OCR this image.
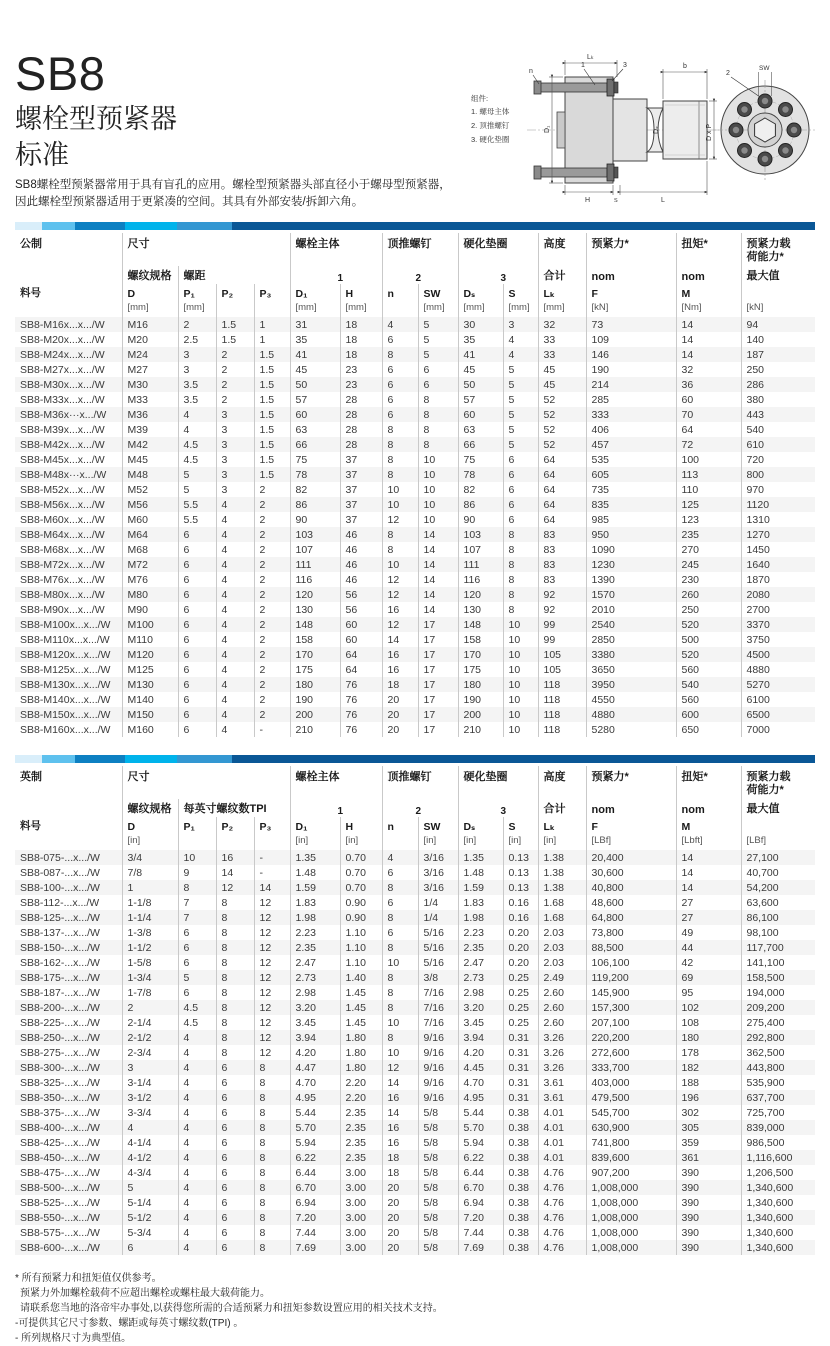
SB8
螺栓型预紧器
标准
SB8螺栓型预紧器常用于具有盲孔的应用。螺栓型预紧器头部直径小于螺母型预紧器，
因此螺栓型预紧器适用于更紧凑的空间。其具有外部安装/拆卸六角。
Lₖ
b
n
1	3
D₁	D₂	D x P
H	S	L
SW
2
组件:
1. 螺母主体
2. 顶推螺钉
3. 硬化垫圈
公制	尺寸				螺栓主体		顶推螺钉		硬化垫圈		高度	预紧力*	扭矩*	预紧力载荷能力*
	螺纹规格	螺距			1		2		3		合计	nom	nom	最大值
料号	D	P₁	P₂	P₃	D₁	H	n	SW	Dₛ	S	Lₖ	F	M	
	[mm]	[mm]			[mm]	[mm]		[mm]	[mm]	[mm]	[mm]	[kN]	[Nm]	[kN]
SB8-M16x...x.../W	M16	2	1.5	1	31	18	4	5	30	3	32	73	14	94
SB8-M20x...x.../W	M20	2.5	1.5	1	35	18	6	5	35	4	33	109	14	140
SB8-M24x...x.../W	M24	3	2	1.5	41	18	8	5	41	4	33	146	14	187
SB8-M27x...x.../W	M27	3	2	1.5	45	23	6	6	45	5	45	190	32	250
SB8-M30x...x.../W	M30	3.5	2	1.5	50	23	6	6	50	5	45	214	36	286
SB8-M33x...x.../W	M33	3.5	2	1.5	57	28	6	8	57	5	52	285	60	380
SB8-M36x···x.../W	M36	4	3	1.5	60	28	6	8	60	5	52	333	70	443
SB8-M39x...x.../W	M39	4	3	1.5	63	28	8	8	63	5	52	406	64	540
SB8-M42x...x.../W	M42	4.5	3	1.5	66	28	8	8	66	5	52	457	72	610
SB8-M45x...x.../W	M45	4.5	3	1.5	75	37	8	10	75	6	64	535	100	720
SB8-M48x···x.../W	M48	5	3	1.5	78	37	8	10	78	6	64	605	113	800
SB8-M52x...x.../W	M52	5	3	2	82	37	10	10	82	6	64	735	110	970
SB8-M56x...x.../W	M56	5.5	4	2	86	37	10	10	86	6	64	835	125	1120
SB8-M60x...x.../W	M60	5.5	4	2	90	37	12	10	90	6	64	985	123	1310
SB8-M64x...x.../W	M64	6	4	2	103	46	8	14	103	8	83	950	235	1270
SB8-M68x...x.../W	M68	6	4	2	107	46	8	14	107	8	83	1090	270	1450
SB8-M72x...x.../W	M72	6	4	2	111	46	10	14	111	8	83	1230	245	1640
SB8-M76x...x.../W	M76	6	4	2	116	46	12	14	116	8	83	1390	230	1870
SB8-M80x...x.../W	M80	6	4	2	120	56	12	14	120	8	92	1570	260	2080
SB8-M90x...x.../W	M90	6	4	2	130	56	16	14	130	8	92	2010	250	2700
SB8-M100x...x.../W	M100	6	4	2	148	60	12	17	148	10	99	2540	520	3370
SB8-M110x...x.../W	M110	6	4	2	158	60	14	17	158	10	99	2850	500	3750
SB8-M120x...x.../W	M120	6	4	2	170	64	16	17	170	10	105	3380	520	4500
SB8-M125x...x.../W	M125	6	4	2	175	64	16	17	175	10	105	3650	560	4880
SB8-M130x...x.../W	M130	6	4	2	180	76	18	17	180	10	118	3950	540	5270
SB8-M140x...x.../W	M140	6	4	2	190	76	20	17	190	10	118	4550	560	6100
SB8-M150x...x.../W	M150	6	4	2	200	76	20	17	200	10	118	4880	600	6500
SB8-M160x...x.../W	M160	6	4	-	210	76	20	17	210	10	118	5280	650	7000
英制	尺寸				螺栓主体		顶推螺钉		硬化垫圈		高度	预紧力*	扭矩*	预紧力载荷能力*
	螺纹规格	每英寸螺纹数TPI			1		2		3		合计	nom	nom	最大值
料号	D	P₁	P₂	P₃	D₁	H	n	SW	Dₛ	S	Lₖ	F	M	
	[in]				[in]	[in]		[in]	[in]	[in]	[in]	[LBf]	[Lbft]	[LBf]
SB8-075-...x.../W	3/4	10	16	-	1.35	0.70	4	3/16	1.35	0.13	1.38	20,400	14	27,100
SB8-087-...x.../W	7/8	9	14	-	1.48	0.70	6	3/16	1.48	0.13	1.38	30,600	14	40,700
SB8-100-...x.../W	1	8	12	14	1.59	0.70	8	3/16	1.59	0.13	1.38	40,800	14	54,200
SB8-112-...x.../W	1-1/8	7	8	12	1.83	0.90	6	1/4	1.83	0.16	1.68	48,600	27	63,600
SB8-125-...x.../W	1-1/4	7	8	12	1.98	0.90	8	1/4	1.98	0.16	1.68	64,800	27	86,100
SB8-137-...x.../W	1-3/8	6	8	12	2.23	1.10	6	5/16	2.23	0.20	2.03	73,800	49	98,100
SB8-150-...x.../W	1-1/2	6	8	12	2.35	1.10	8	5/16	2.35	0.20	2.03	88,500	44	117,700
SB8-162-...x.../W	1-5/8	6	8	12	2.47	1.10	10	5/16	2.47	0.20	2.03	106,100	42	141,100
SB8-175-...x.../W	1-3/4	5	8	12	2.73	1.40	8	3/8	2.73	0.25	2.49	119,200	69	158,500
SB8-187-...x.../W	1-7/8	6	8	12	2.98	1.45	8	7/16	2.98	0.25	2.60	145,900	95	194,000
SB8-200-...x.../W	2	4.5	8	12	3.20	1.45	8	7/16	3.20	0.25	2.60	157,300	102	209,200
SB8-225-...x.../W	2-1/4	4.5	8	12	3.45	1.45	10	7/16	3.45	0.25	2.60	207,100	108	275,400
SB8-250-...x.../W	2-1/2	4	8	12	3.94	1.80	8	9/16	3.94	0.31	3.26	220,200	180	292,800
SB8-275-...x.../W	2-3/4	4	8	12	4.20	1.80	10	9/16	4.20	0.31	3.26	272,600	178	362,500
SB8-300-...x.../W	3	4	6	8	4.47	1.80	12	9/16	4.45	0.31	3.26	333,700	182	443,800
SB8-325-...x.../W	3-1/4	4	6	8	4.70	2.20	14	9/16	4.70	0.31	3.61	403,000	188	535,900
SB8-350-...x.../W	3-1/2	4	6	8	4.95	2.20	16	9/16	4.95	0.31	3.61	479,500	196	637,700
SB8-375-...x.../W	3-3/4	4	6	8	5.44	2.35	14	5/8	5.44	0.38	4.01	545,700	302	725,700
SB8-400-...x.../W	4	4	6	8	5.70	2.35	16	5/8	5.70	0.38	4.01	630,900	305	839,000
SB8-425-...x.../W	4-1/4	4	6	8	5.94	2.35	16	5/8	5.94	0.38	4.01	741,800	359	986,500
SB8-450-...x.../W	4-1/2	4	6	8	6.22	2.35	18	5/8	6.22	0.38	4.01	839,600	361	1,116,600
SB8-475-...x.../W	4-3/4	4	6	8	6.44	3.00	18	5/8	6.44	0.38	4.76	907,200	390	1,206,500
SB8-500-...x.../W	5	4	6	8	6.70	3.00	20	5/8	6.70	0.38	4.76	1,008,000	390	1,340,600
SB8-525-...x.../W	5-1/4	4	6	8	6.94	3.00	20	5/8	6.94	0.38	4.76	1,008,000	390	1,340,600
SB8-550-...x.../W	5-1/2	4	6	8	7.20	3.00	20	5/8	7.20	0.38	4.76	1,008,000	390	1,340,600
SB8-575-...x.../W	5-3/4	4	6	8	7.44	3.00	20	5/8	7.44	0.38	4.76	1,008,000	390	1,340,600
SB8-600-...x.../W	6	4	6	8	7.69	3.00	20	5/8	7.69	0.38	4.76	1,008,000	390	1,340,600
* 所有预紧力和扭矩值仅供参考。
预紧力外加螺栓载荷不应超出螺栓或螺柱最大载荷能力。
请联系您当地的洛帝牢办事处,以获得您所需的合适预紧力和扭矩参数设置应用的相关技术支持。
-可提供其它尺寸参数、螺距或每英寸螺纹数(TPI) 。
- 所列规格尺寸为典型值。
